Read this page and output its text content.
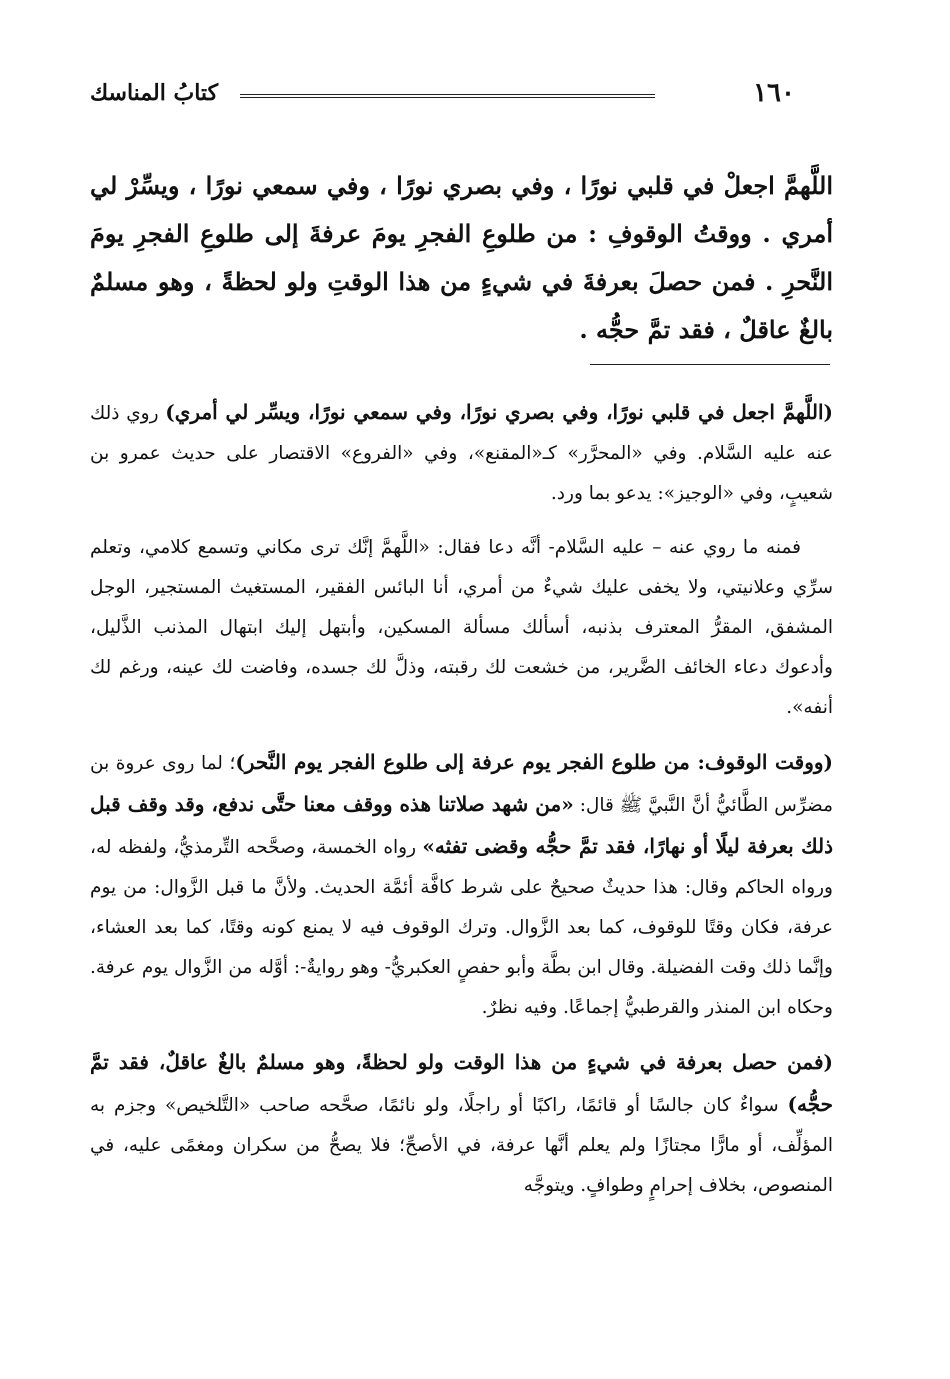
١٦٠
كتابُ المناسك
اللَّهمَّ اجعلْ في قلبي نورًا ، وفي بصري نورًا ، وفي سمعي نورًا ، ويسِّرْ لي أمري . ووقتُ الوقوفِ : من طلوعِ الفجرِ يومَ عرفةَ إلى طلوعِ الفجرِ يومَ النَّحرِ . فمن حصلَ بعرفةَ في شيءٍ من هذا الوقتِ ولو لحظةً ، وهو مسلمٌ بالغٌ عاقلٌ ، فقد تمَّ حجُّه .

(اللَّهمَّ اجعل في قلبي نورًا، وفي بصري نورًا، وفي سمعي نورًا، ويسِّر لي أمري) روي ذلك عنه عليه السَّلام. وفي «المحرَّر» كـ«المقنع»، وفي «الفروع» الاقتصار على حديث عمرو بن شعيبٍ، وفي «الوجيز»: يدعو بما ورد.

فمنه ما روي عنه – عليه السَّلام- أنَّه دعا فقال: «اللَّهمَّ إنَّك ترى مكاني وتسمع كلامي، وتعلم سرِّي وعلانيتي، ولا يخفى عليك شيءٌ من أمري، أنا البائس الفقير، المستغيث المستجير، الوجل المشفق، المقرُّ المعترف بذنبه، أسألك مسألة المسكين، وأبتهل إليك ابتهال المذنب الذَّليل، وأدعوك دعاء الخائف الضَّرير، من خشعت لك رقبته، وذلَّ لك جسده، وفاضت لك عينه، ورغم لك أنفه».

(ووقت الوقوف: من طلوع الفجر يوم عرفة إلى طلوع الفجر يوم النَّحر)؛ لما روى عروة بن مضرِّس الطَّائيُّ أنَّ النَّبيَّ ﷺ قال: «من شهد صلاتنا هذه ووقف معنا حتَّى ندفع، وقد وقف قبل ذلك بعرفة ليلًا أو نهارًا، فقد تمَّ حجُّه وقضى تفثه» رواه الخمسة، وصحَّحه التِّرمذيُّ، ولفظه له، ورواه الحاكم وقال: هذا حديثٌ صحيحٌ على شرط كافَّة أئمَّة الحديث. ولأنَّ ما قبل الزَّوال: من يوم عرفة، فكان وقتًا للوقوف، كما بعد الزَّوال. وترك الوقوف فيه لا يمنع كونه وقتًا، كما بعد العشاء، وإنَّما ذلك وقت الفضيلة. وقال ابن بطَّة وأبو حفصٍ العكبريُّ- وهو روايةٌ-: أوَّله من الزَّوال يوم عرفة. وحكاه ابن المنذر والقرطبيُّ إجماعًا. وفيه نظرٌ.

(فمن حصل بعرفة في شيءٍ من هذا الوقت ولو لحظةً، وهو مسلمٌ بالغٌ عاقلٌ، فقد تمَّ حجُّه) سواءٌ كان جالسًا أو قائمًا، راكبًا أو راجلًا، ولو نائمًا، صحَّحه صاحب «التَّلخيص» وجزم به المؤلِّف، أو مارًّا مجتازًا ولم يعلم أنَّها عرفة، في الأصحِّ؛ فلا يصحُّ من سكران ومغمًى عليه، في المنصوص، بخلاف إحرامٍ وطوافٍ. ويتوجَّه
